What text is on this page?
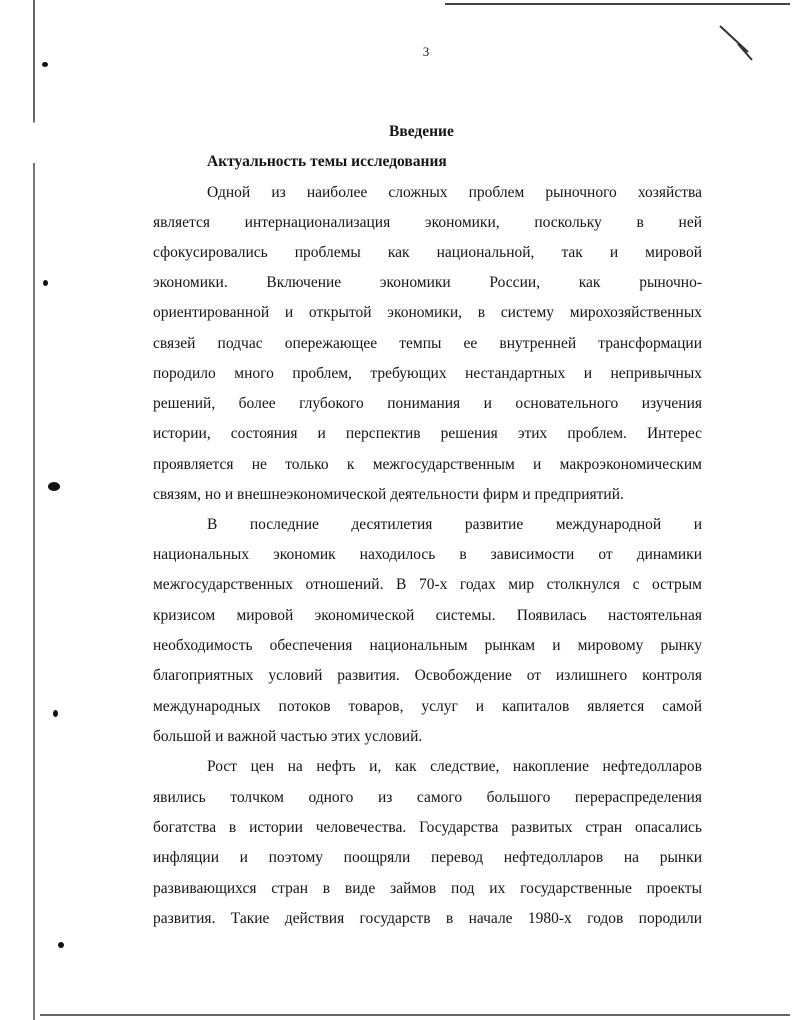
3
Введение
Актуальность темы исследования
Одной из наиболее сложных проблем рыночного хозяйства
является интернационализация экономики, поскольку в ней
сфокусировались проблемы как национальной, так и мировой
экономики. Включение экономики России, как рыночно-
ориентированной и открытой экономики, в систему мирохозяйственных
связей подчас опережающее темпы ее внутренней трансформации
породило много проблем, требующих нестандартных и непривычных
решений, более глубокого понимания и основательного изучения
истории, состояния и перспектив решения этих проблем. Интерес
проявляется не только к межгосударственным и макроэкономическим
связям, но и внешнеэкономической деятельности фирм и предприятий.
В последние десятилетия развитие международной и
национальных экономик находилось в зависимости от динамики
межгосударственных отношений. В 70-х годах мир столкнулся с острым
кризисом мировой экономической системы. Появилась настоятельная
необходимость обеспечения национальным рынкам и мировому рынку
благоприятных условий развития. Освобождение от излишнего контроля
международных потоков товаров, услуг и капиталов является самой
большой и важной частью этих условий.
Рост цен на нефть и, как следствие, накопление нефтедолларов
явились толчком одного из самого большого перераспределения
богатства в истории человечества. Государства развитых стран опасались
инфляции и поэтому поощряли перевод нефтедолларов на рынки
развивающихся стран в виде займов под их государственные проекты
развития. Такие действия государств в начале 1980-х годов породили
